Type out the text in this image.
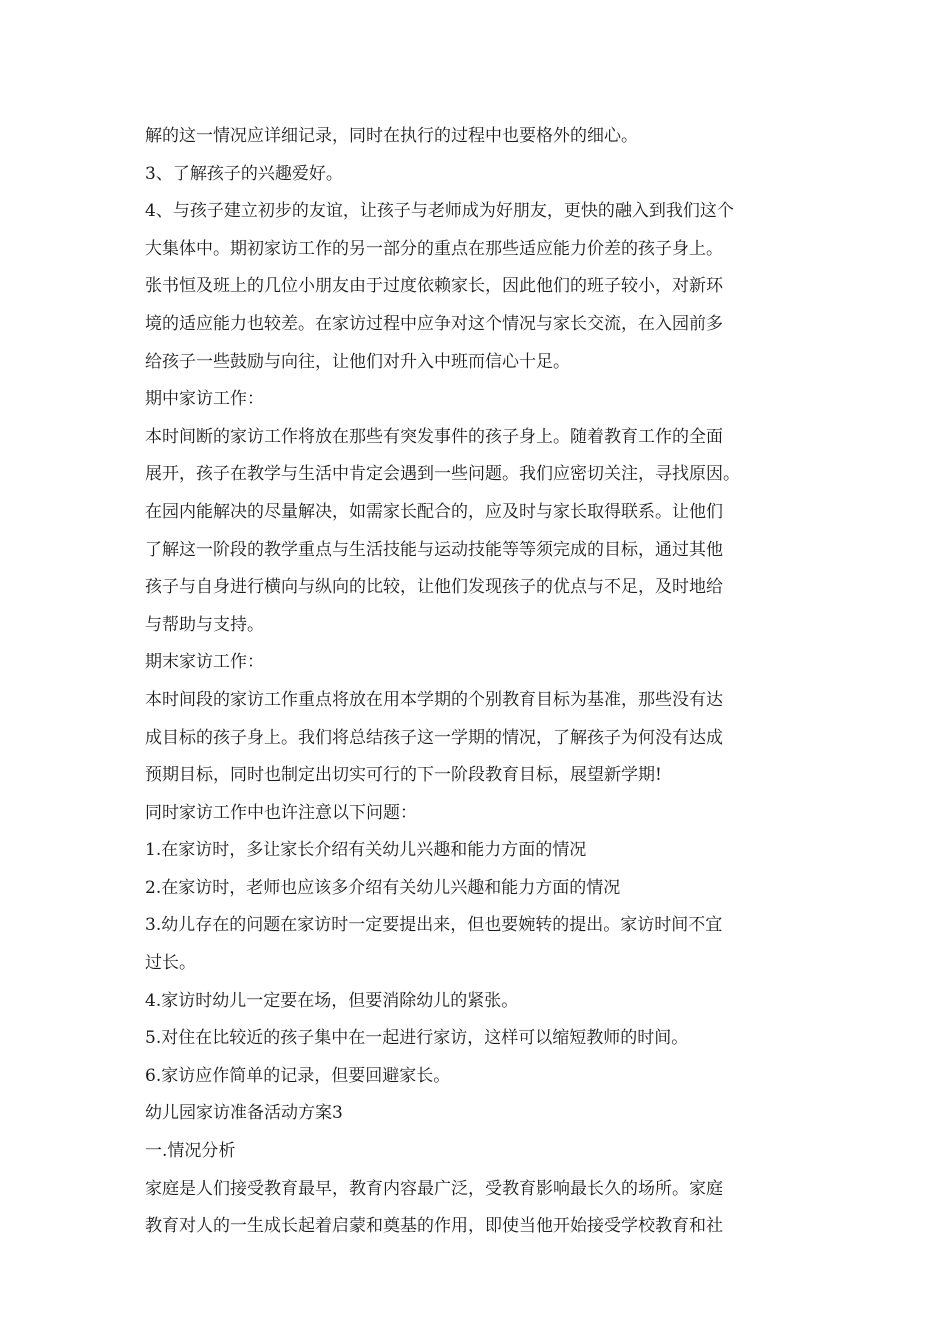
解的这一情况应详细记录，同时在执行的过程中也要格外的细心。
3、了解孩子的兴趣爱好。
4、与孩子建立初步的友谊，让孩子与老师成为好朋友，更快的融入到我们这个
大集体中。期初家访工作的另一部分的重点在那些适应能力价差的孩子身上。
张书恒及班上的几位小朋友由于过度依赖家长，因此他们的班子较小，对新环
境的适应能力也较差。在家访过程中应争对这个情况与家长交流，在入园前多
给孩子一些鼓励与向往，让他们对升入中班而信心十足。
期中家访工作：
本时间断的家访工作将放在那些有突发事件的孩子身上。随着教育工作的全面
展开，孩子在教学与生活中肯定会遇到一些问题。我们应密切关注，寻找原因。
在园内能解决的尽量解决，如需家长配合的，应及时与家长取得联系。让他们
了解这一阶段的教学重点与生活技能与运动技能等等须完成的目标，通过其他
孩子与自身进行横向与纵向的比较，让他们发现孩子的优点与不足，及时地给
与帮助与支持。
期末家访工作：
本时间段的家访工作重点将放在用本学期的个别教育目标为基准，那些没有达
成目标的孩子身上。我们将总结孩子这一学期的情况，了解孩子为何没有达成
预期目标，同时也制定出切实可行的下一阶段教育目标，展望新学期!
同时家访工作中也许注意以下问题：
1.在家访时，多让家长介绍有关幼儿兴趣和能力方面的情况
2.在家访时，老师也应该多介绍有关幼儿兴趣和能力方面的情况
3.幼儿存在的问题在家访时一定要提出来，但也要婉转的提出。家访时间不宜
过长。
4.家访时幼儿一定要在场，但要消除幼儿的紧张。
5.对住在比较近的孩子集中在一起进行家访，这样可以缩短教师的时间。
6.家访应作简单的记录，但要回避家长。
幼儿园家访准备活动方案3
一.情况分析
家庭是人们接受教育最早，教育内容最广泛，受教育影响最长久的场所。家庭
教育对人的一生成长起着启蒙和奠基的作用，即使当他开始接受学校教育和社
